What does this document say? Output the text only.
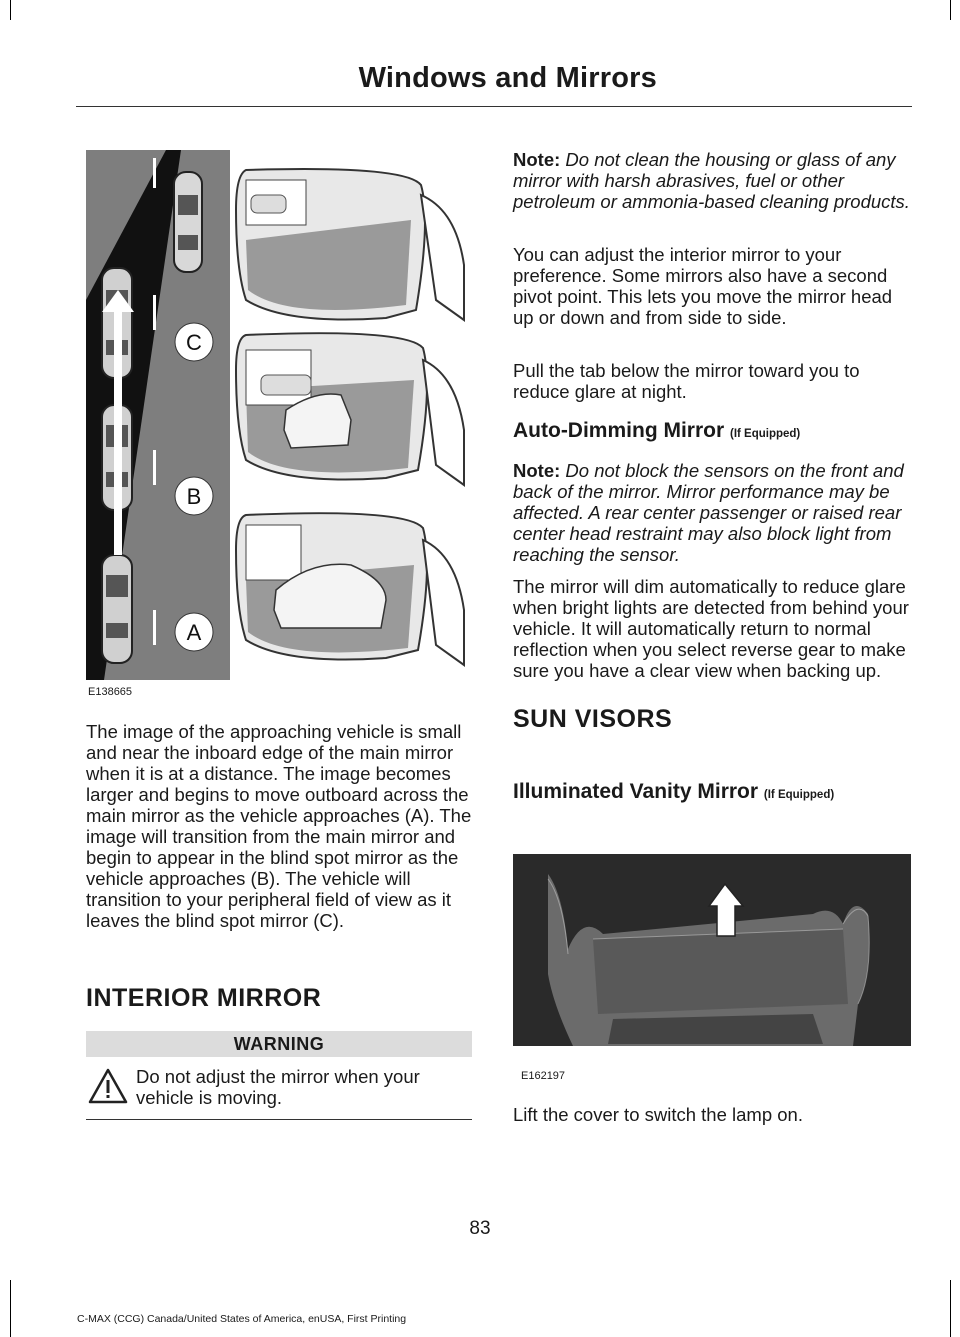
Windows and Mirrors
C
B
A
E138665

The image of the approaching vehicle is small and near the inboard edge of the main mirror when it is at a distance. The image becomes larger and begins to move outboard across the main mirror as the vehicle approaches (A). The image will transition from the main mirror and begin to appear in the blind spot mirror as the vehicle approaches (B). The vehicle will transition to your peripheral field of view as it leaves the blind spot mirror (C).

INTERIOR MIRROR
WARNING

Do not adjust the mirror when your vehicle is moving.

Note: Do not clean the housing or glass of any mirror with harsh abrasives, fuel or other petroleum or ammonia-based cleaning products.

You can adjust the interior mirror to your preference. Some mirrors also have a second pivot point. This lets you move the mirror head up or down and from side to side.

Pull the tab below the mirror toward you to reduce glare at night.

Auto-Dimming Mirror (If Equipped)

Note: Do not block the sensors on the front and back of the mirror. Mirror performance may be affected. A rear center passenger or raised rear center head restraint may also block light from reaching the sensor.

The mirror will dim automatically to reduce glare when bright lights are detected from behind your vehicle. It will automatically return to normal reflection when you select reverse gear to make sure you have a clear view when backing up.

SUN VISORS
Illuminated Vanity Mirror (If Equipped)
E162197

Lift the cover to switch the lamp on.

83
C-MAX (CCG) Canada/United States of America, enUSA, First Printing
